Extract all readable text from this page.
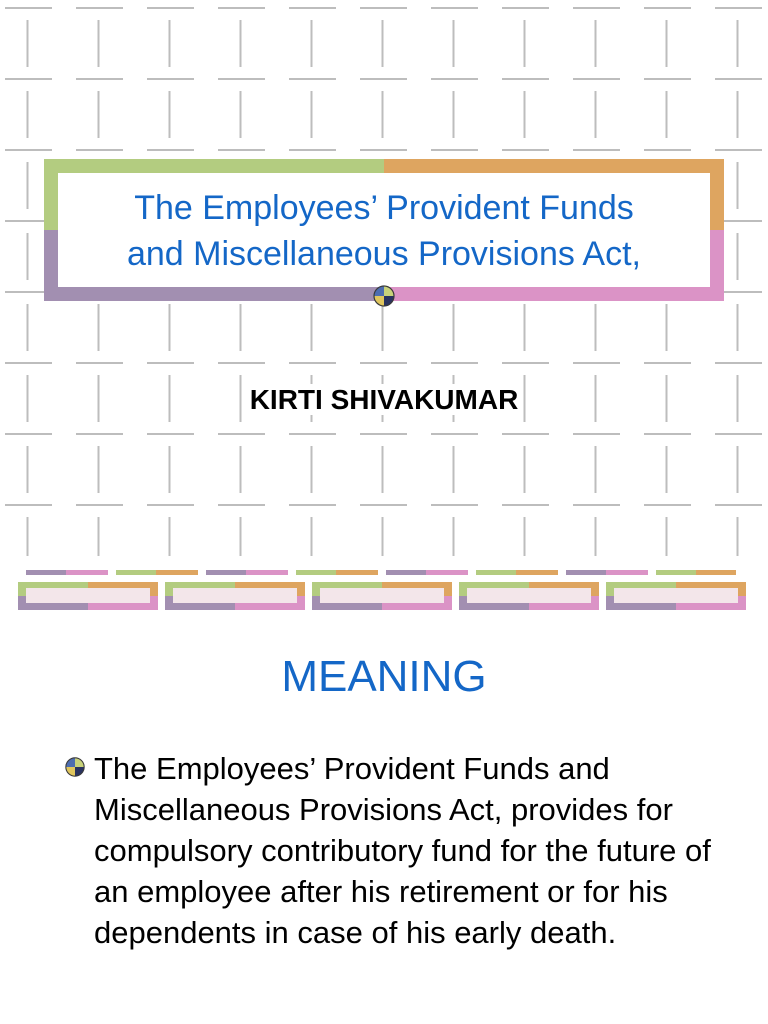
The Employees’ Provident Funds
and Miscellaneous Provisions Act,

KIRTI SHIVAKUMAR

MEANING

The Employees’ Provident Funds and Miscellaneous Provisions Act, provides for compulsory contributory fund for the future of an employee after his retirement or for his dependents in case of his early death.
